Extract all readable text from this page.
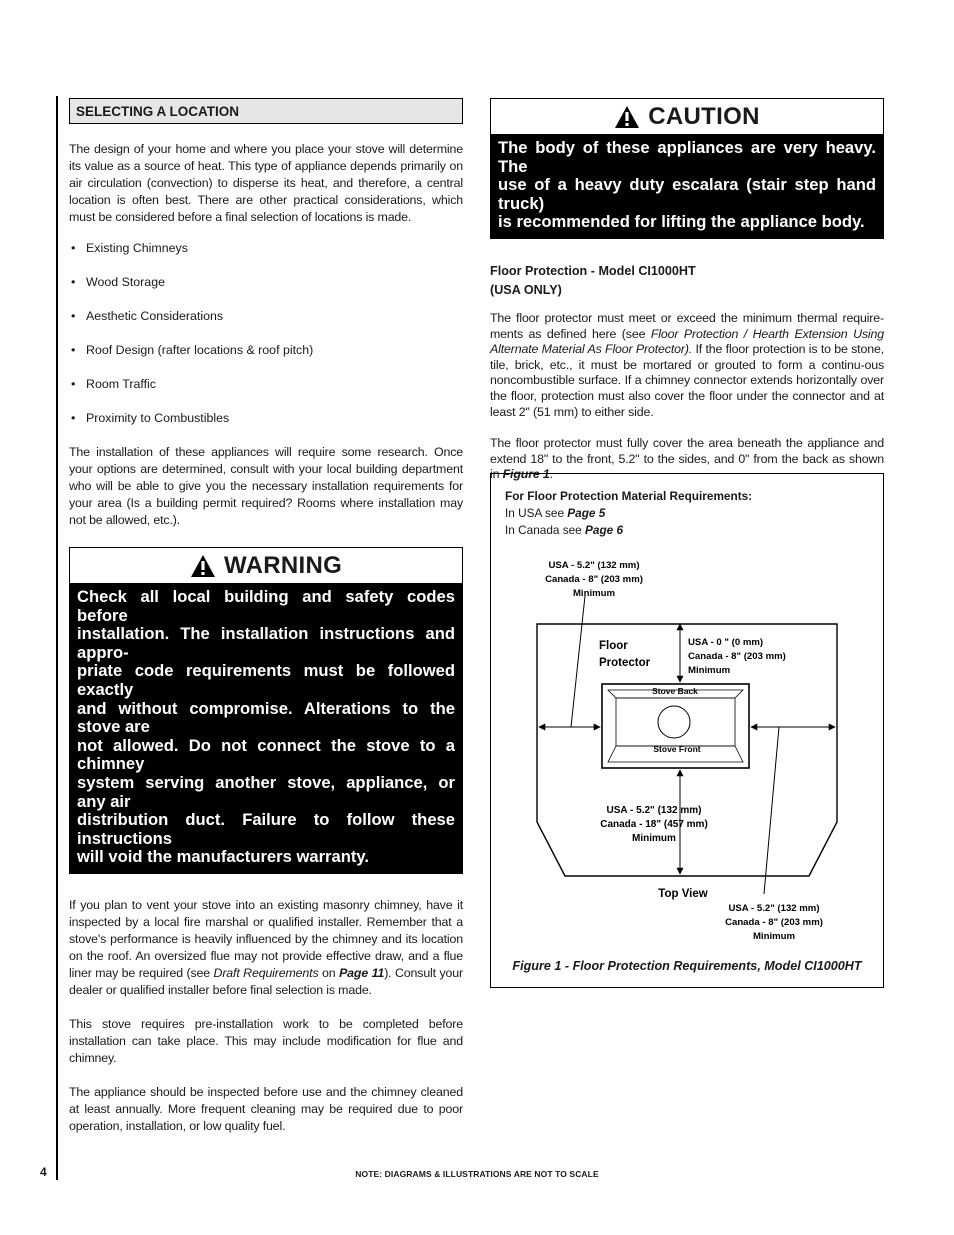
SELECTING A LOCATION

The design of your home and where you place your stove will determine its value as a source of heat. This type of appliance depends primarily on air circulation (convection) to disperse its heat, and therefore, a central location is often best. There are other practical considerations, which must be considered before a final selection of locations is made.

• Existing Chimneys
• Wood Storage
• Aesthetic Considerations
• Roof Design (rafter locations & roof pitch)
• Room Traffic
• Proximity to Combustibles

The installation of these appliances will require some research. Once your options are determined, consult with your local building department who will be able to give you the necessary installation requirements for your area (Is a building permit required? Rooms where installation may not be allowed, etc.).

WARNING
Check all local building and safety codes before
installation. The installation instructions and appro-
priate code requirements must be followed exactly
and without compromise. Alterations to the stove are
not allowed. Do not connect the stove to a chimney
system serving another stove, appliance, or any air
distribution duct. Failure to follow these instructions
will void the manufacturers warranty.

If you plan to vent your stove into an existing masonry chimney, have it inspected by a local fire marshal or qualified installer. Remember that a stove's performance is heavily influenced by the chimney and its location on the roof. An oversized flue may not provide effective draw, and a flue liner may be required (see Draft Requirements on Page 11). Consult your dealer or qualified installer before final selection is made.

This stove requires pre-installation work to be completed before installation can take place. This may include modification for flue and chimney.

The appliance should be inspected before use and the chimney cleaned at least annually. More frequent cleaning may be required due to poor operation, installation, or low quality fuel.

CAUTION
The body of these appliances are very heavy. The
use of a heavy duty escalara (stair step hand truck)
is recommended for lifting the appliance body.
Floor Protection - Model CI1000HT
(USA ONLY)

The floor protector must meet or exceed the minimum thermal require-ments as defined here (see Floor Protection / Hearth Extension Using Alternate Material As Floor Protector). If the floor protection is to be stone, tile, brick, etc., it must be mortared or grouted to form a continu-ous noncombustible surface. If a chimney connector extends horizontally over the floor, protection must also cover the floor under the connector and at least 2" (51 mm) to either side.

The floor protector must fully cover the area beneath the appliance and extend 18" to the front, 5.2" to the sides, and 0" from the back as shown in Figure 1.

For Floor Protection Material Requirements:
In USA see Page 5
In Canada see Page 6
Stove Back
Stove Front
Floor
Protector
USA - 0 " (0 mm)
Canada - 8" (203 mm)
Minimum
USA - 5.2" (132 mm)
Canada - 18" (457 mm)
Minimum
USA - 5.2" (132 mm)
Canada - 8" (203 mm)
Minimum
USA - 5.2" (132 mm)
Canada - 8" (203 mm)
Minimum
Top View
Figure 1 - Floor Protection Requirements, Model CI1000HT
4	NOTE: DIAGRAMS & ILLUSTRATIONS ARE NOT TO SCALE
